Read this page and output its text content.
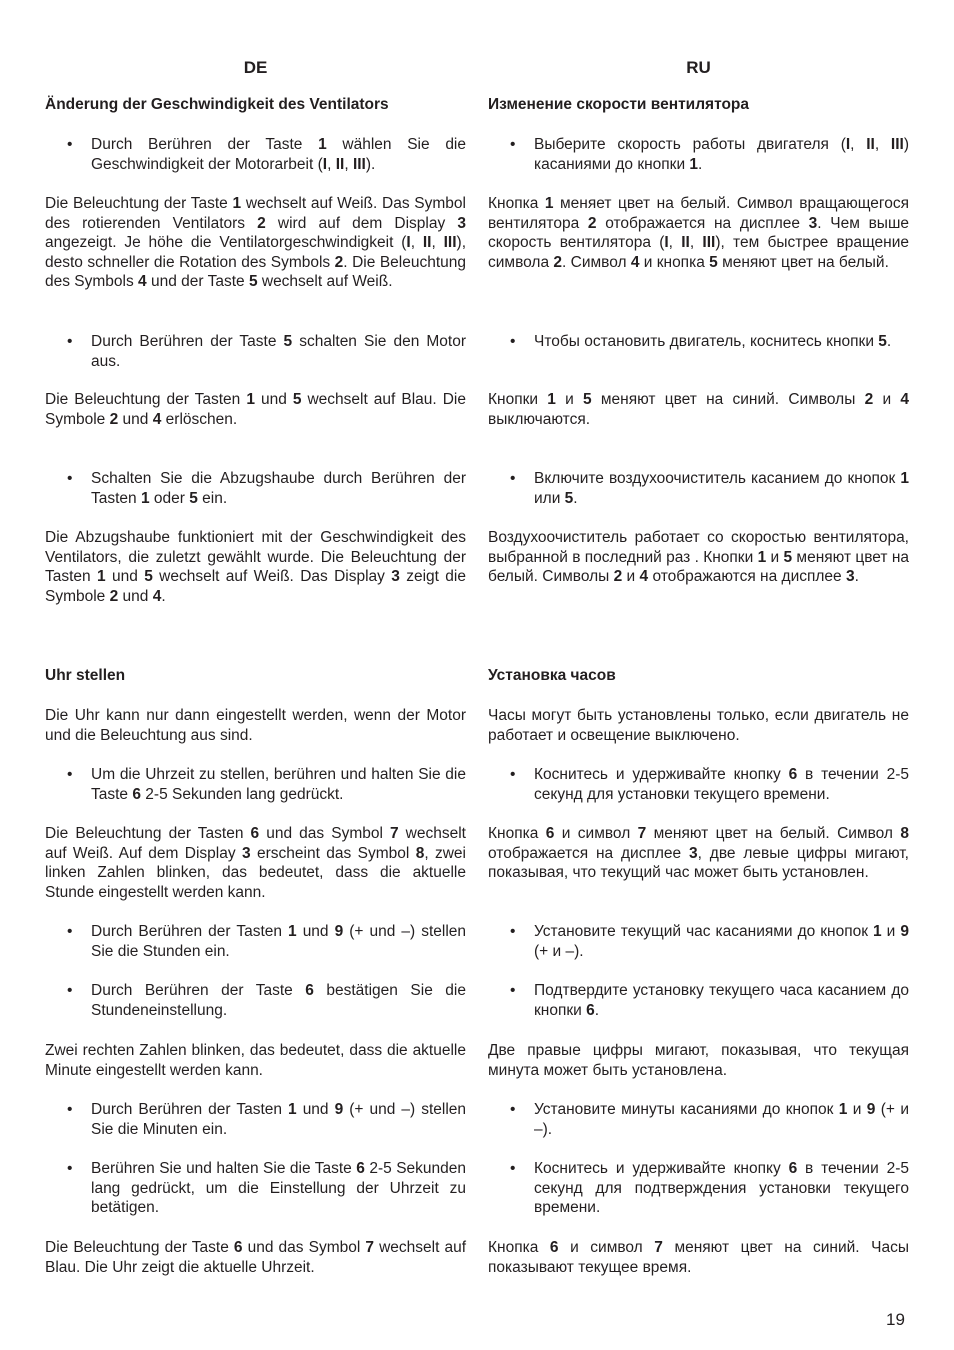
DE
Änderung der Geschwindigkeit des Ventilators
Uhr stellen
• Durch Berühren der Taste 1 wählen Sie die Geschwindigkeit der Motorarbeit (I, II, III).
Die Beleuchtung der Taste 1 wechselt auf Weiß. Das Symbol des rotierenden Ventilators 2 wird auf dem Display 3 angezeigt. Je höhe die Ventilatorgeschwindigkeit (I, II, III), desto schneller die Rotation des Symbols 2. Die Beleuchtung des Symbols 4 und der Taste 5 wechselt auf Weiß.
• Durch Berühren der Taste 5 schalten Sie den Motor aus.
Die Beleuchtung der Tasten 1 und 5 wechselt auf Blau. Die Symbole 2 und 4 erlöschen.
• Schalten Sie die Abzugshaube durch Berühren der Tasten 1 oder 5 ein.
Die Abzugshaube funktioniert mit der Geschwindigkeit des Ventilators, die zuletzt gewählt wurde. Die Beleuchtung der Tasten 1 und 5 wechselt auf Weiß. Das Display 3 zeigt die Symbole 2 und 4.
Die Uhr kann nur dann eingestellt werden, wenn der Motor und die Beleuchtung aus sind.
• Um die Uhrzeit zu stellen, berühren und halten Sie die Taste 6 2-5 Sekunden lang gedrückt.
Die Beleuchtung der Tasten 6 und das Symbol 7 wechselt auf Weiß. Auf dem Display 3 erscheint das Symbol 8, zwei linken Zahlen blinken, das bedeutet, dass die aktuelle Stunde eingestellt werden kann.
• Durch Berühren der Tasten 1 und 9 (+ und –) stellen Sie die Stunden ein.
• Durch Berühren der Taste 6 bestätigen Sie die Stundeneinstellung.
Zwei rechten Zahlen blinken, das bedeutet, dass die aktuelle Minute eingestellt werden kann.
• Durch Berühren der Tasten 1 und 9 (+ und –) stellen Sie die Minuten ein.
• Berühren Sie und halten Sie die Taste 6 2-5 Sekunden lang gedrückt, um die Einstellung der Uhrzeit zu betätigen.
Die Beleuchtung der Taste 6 und das Symbol 7 wechselt auf Blau. Die Uhr zeigt die aktuelle Uhrzeit.
RU
Изменение скорости вентилятора
Установка часов
• Выберите скорость работы двигателя (I, II, III) касаниями до кнопки 1.
Кнопка 1 меняет цвет на белый. Символ вращающегося вентилятора 2 отображается на дисплее 3. Чем выше скорость вентилятора (I, II, III), тем быстрее вращение символа 2. Символ 4 и кнопка 5 меняют цвет на белый.
• Чтобы остановить двигатель, коснитесь кнопки 5.
Кнопки 1 и 5 меняют цвет на синий. Символы 2 и 4 выключаются.
• Включите воздухоочиститель касанием до кнопок 1 или 5.
Воздухоочиститель работает со скоростью вентилятора, выбранной в последний раз . Кнопки 1 и 5 меняют цвет на белый. Символы 2 и 4 отображаются на дисплее 3.
Часы могут быть установлены только, если двигатель не работает и освещение выключено.
• Коснитесь и удерживайте кнопку 6 в течении 2-5 секунд для установки текущего времени.
Кнопка 6 и символ 7 меняют цвет на белый. Символ 8 отображается на дисплее 3, две левые цифры мигают, показывая, что текущий час может быть установлен.
• Установите текущий час касаниями до кнопок 1 и 9 (+ и –).
• Подтвердите установку текущего часа касанием до кнопки 6.
Две правые цифры мигают, показывая, что текущая минута может быть установлена.
• Установите минуты касаниями до кнопок 1 и 9 (+ и –).
• Коснитесь и удерживайте кнопку 6 в течении 2-5 секунд для подтверждения установки текущего времени.
Кнопка 6 и символ 7 меняют цвет на синий. Часы показывают текущее время.
19
